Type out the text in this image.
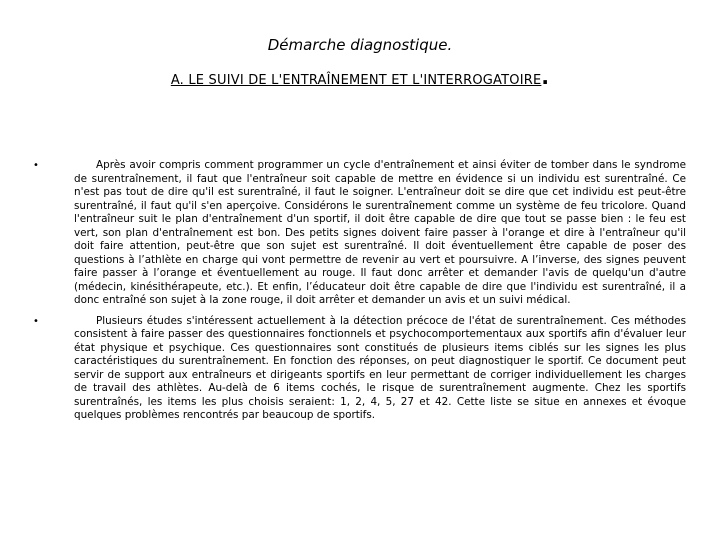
Démarche diagnostique.
A. LE SUIVI DE L'ENTRAÎNEMENT ET L'INTERROGATOIRE.
•	Après avoir compris comment programmer un cycle d'entraînement et ainsi éviter de tomber dans le syndrome de surentraînement, il faut que l'entraîneur soit capable de mettre en évidence si un individu est surentraîné. Ce n'est pas tout de dire qu'il est surentraîné, il faut le soigner. L'entraîneur doit se dire que cet individu est peut-être surentraîné, il faut qu'il s'en aperçoive. Considérons le surentraînement comme un système de feu tricolore. Quand l'entraîneur suit le plan d'entraînement d'un sportif, il doit être capable de dire que tout se passe bien : le feu est vert, son plan d'entraînement est bon. Des petits signes doivent faire passer à l'orange et dire à l'entraîneur qu'il doit faire attention, peut-être que son sujet est surentraîné. Il doit éventuellement être capable de poser des questions à l’athlète en charge qui vont permettre de revenir au vert et poursuivre. A l’inverse, des signes peuvent faire passer à l’orange et éventuellement au rouge. Il faut donc arrêter et demander l'avis de quelqu'un d'autre (médecin, kinésithérapeute, etc.). Et enfin, l’éducateur doit être capable de dire que l'individu est surentraîné, il a donc entraîné son sujet à la zone rouge, il doit arrêter et demander un avis et un suivi médical.
•	Plusieurs études s'intéressent actuellement à la détection précoce de l'état de surentraînement. Ces méthodes consistent à faire passer des questionnaires fonctionnels et psychocomportementaux aux sportifs afin d'évaluer leur état physique et psychique. Ces questionnaires sont constitués de plusieurs items ciblés sur les signes les plus caractéristiques du surentraînement. En fonction des réponses, on peut diagnostiquer le sportif. Ce document peut servir de support aux entraîneurs et dirigeants sportifs en leur permettant de corriger individuellement les charges de travail des athlètes. Au-delà de 6 items cochés, le risque de surentraînement augmente. Chez les sportifs surentraînés, les items les plus choisis seraient: 1, 2, 4, 5, 27 et 42. Cette liste se situe en annexes et évoque quelques problèmes rencontrés par beaucoup de sportifs.
